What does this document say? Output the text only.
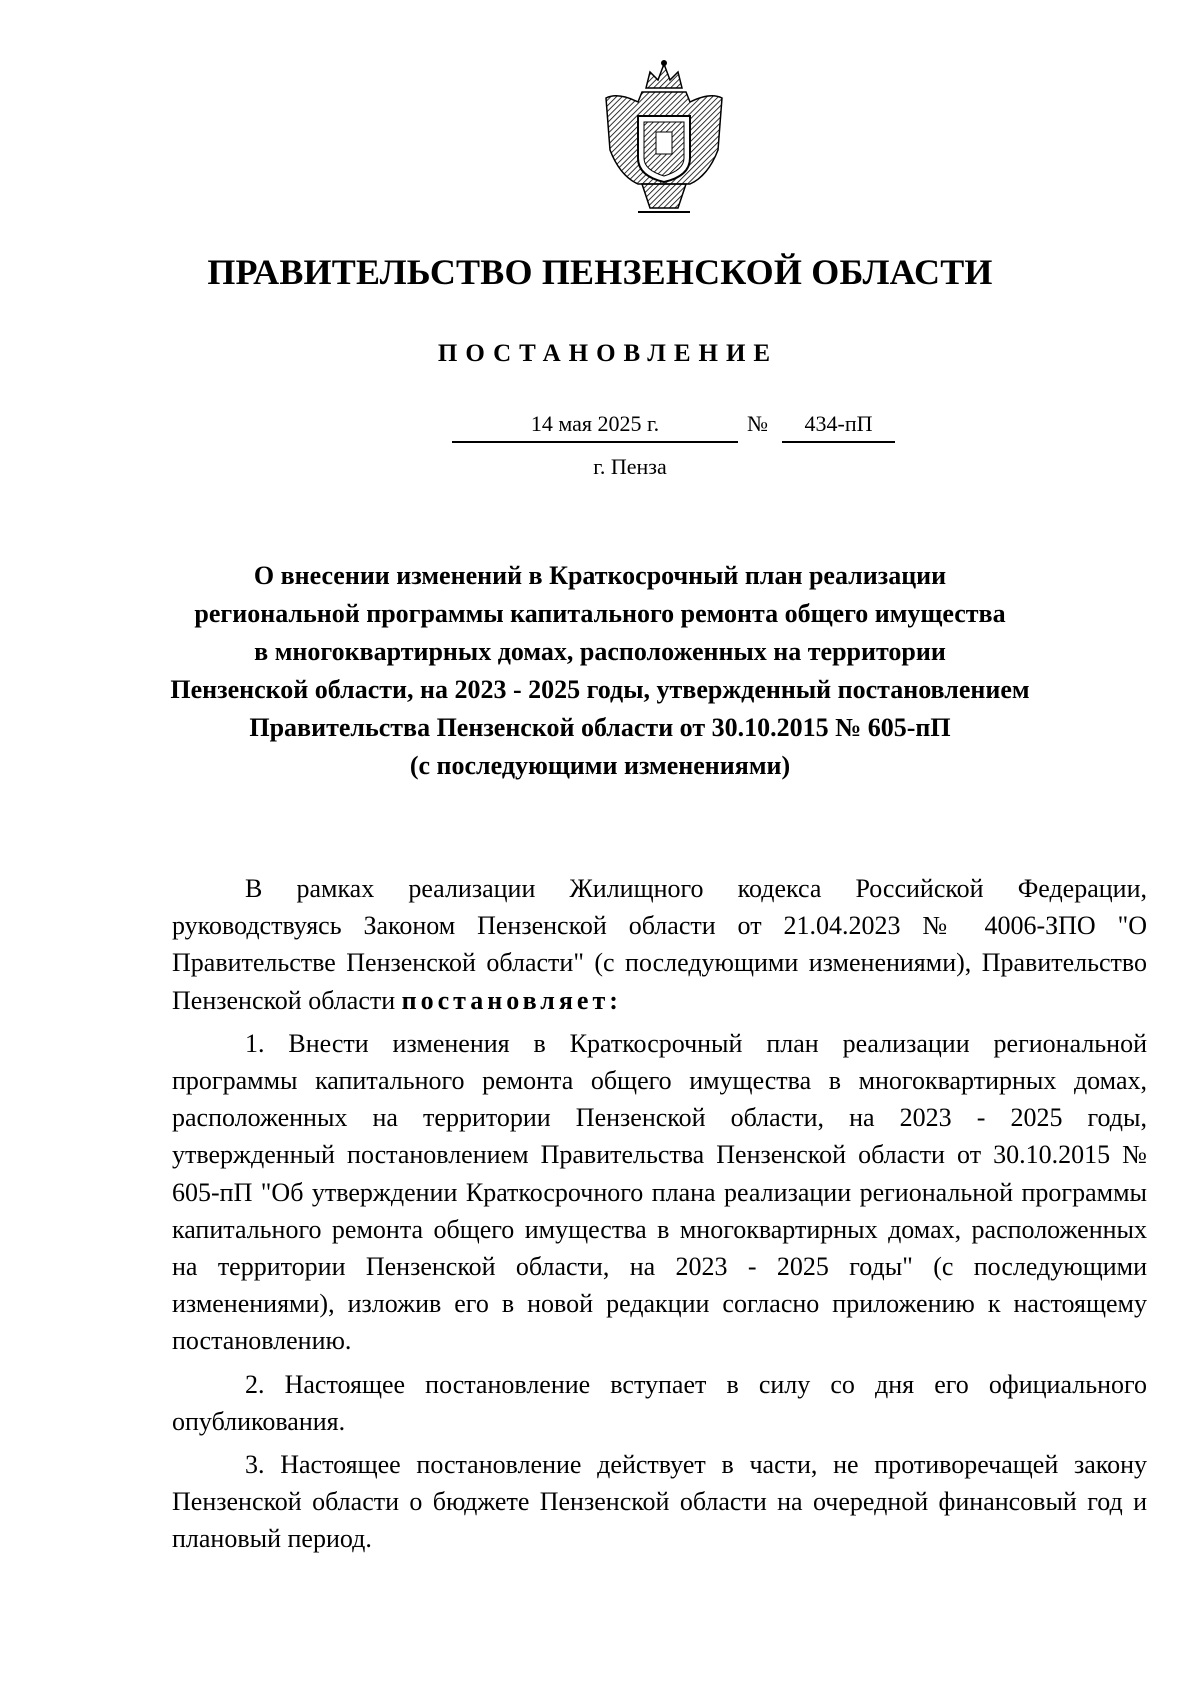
ПРАВИТЕЛЬСТВО ПЕНЗЕНСКОЙ ОБЛАСТИ
ПОСТАНОВЛЕНИЕ
14 мая 2025 г.	№	434-пП
г. Пенза
О внесении изменений в Краткосрочный план реализации
региональной программы капитального ремонта общего имущества
в многоквартирных домах, расположенных на территории
Пензенской области, на 2023 - 2025 годы, утвержденный постановлением
Правительства Пензенской области от 30.10.2015 № 605-пП
(с последующими изменениями)

В рамках реализации Жилищного кодекса Российской Федерации, руководствуясь Законом Пензенской области от 21.04.2023 № 4006-ЗПО "О Правительстве Пензенской области" (с последующими изменениями), Правительство Пензенской области постановляет:

1. Внести изменения в Краткосрочный план реализации региональной программы капитального ремонта общего имущества в многоквартирных домах, расположенных на территории Пензенской области, на 2023 - 2025 годы, утвержденный постановлением Правительства Пензенской области от 30.10.2015 № 605-пП "Об утверждении Краткосрочного плана реализации региональной программы капитального ремонта общего имущества в многоквартирных домах, расположенных на территории Пензенской области, на 2023 - 2025 годы" (с последующими изменениями), изложив его в новой редакции согласно приложению к настоящему постановлению.

2. Настоящее постановление вступает в силу со дня его официального опубликования.

3. Настоящее постановление действует в части, не противоречащей закону Пензенской области о бюджете Пензенской области на очередной финансовый год и плановый период.
